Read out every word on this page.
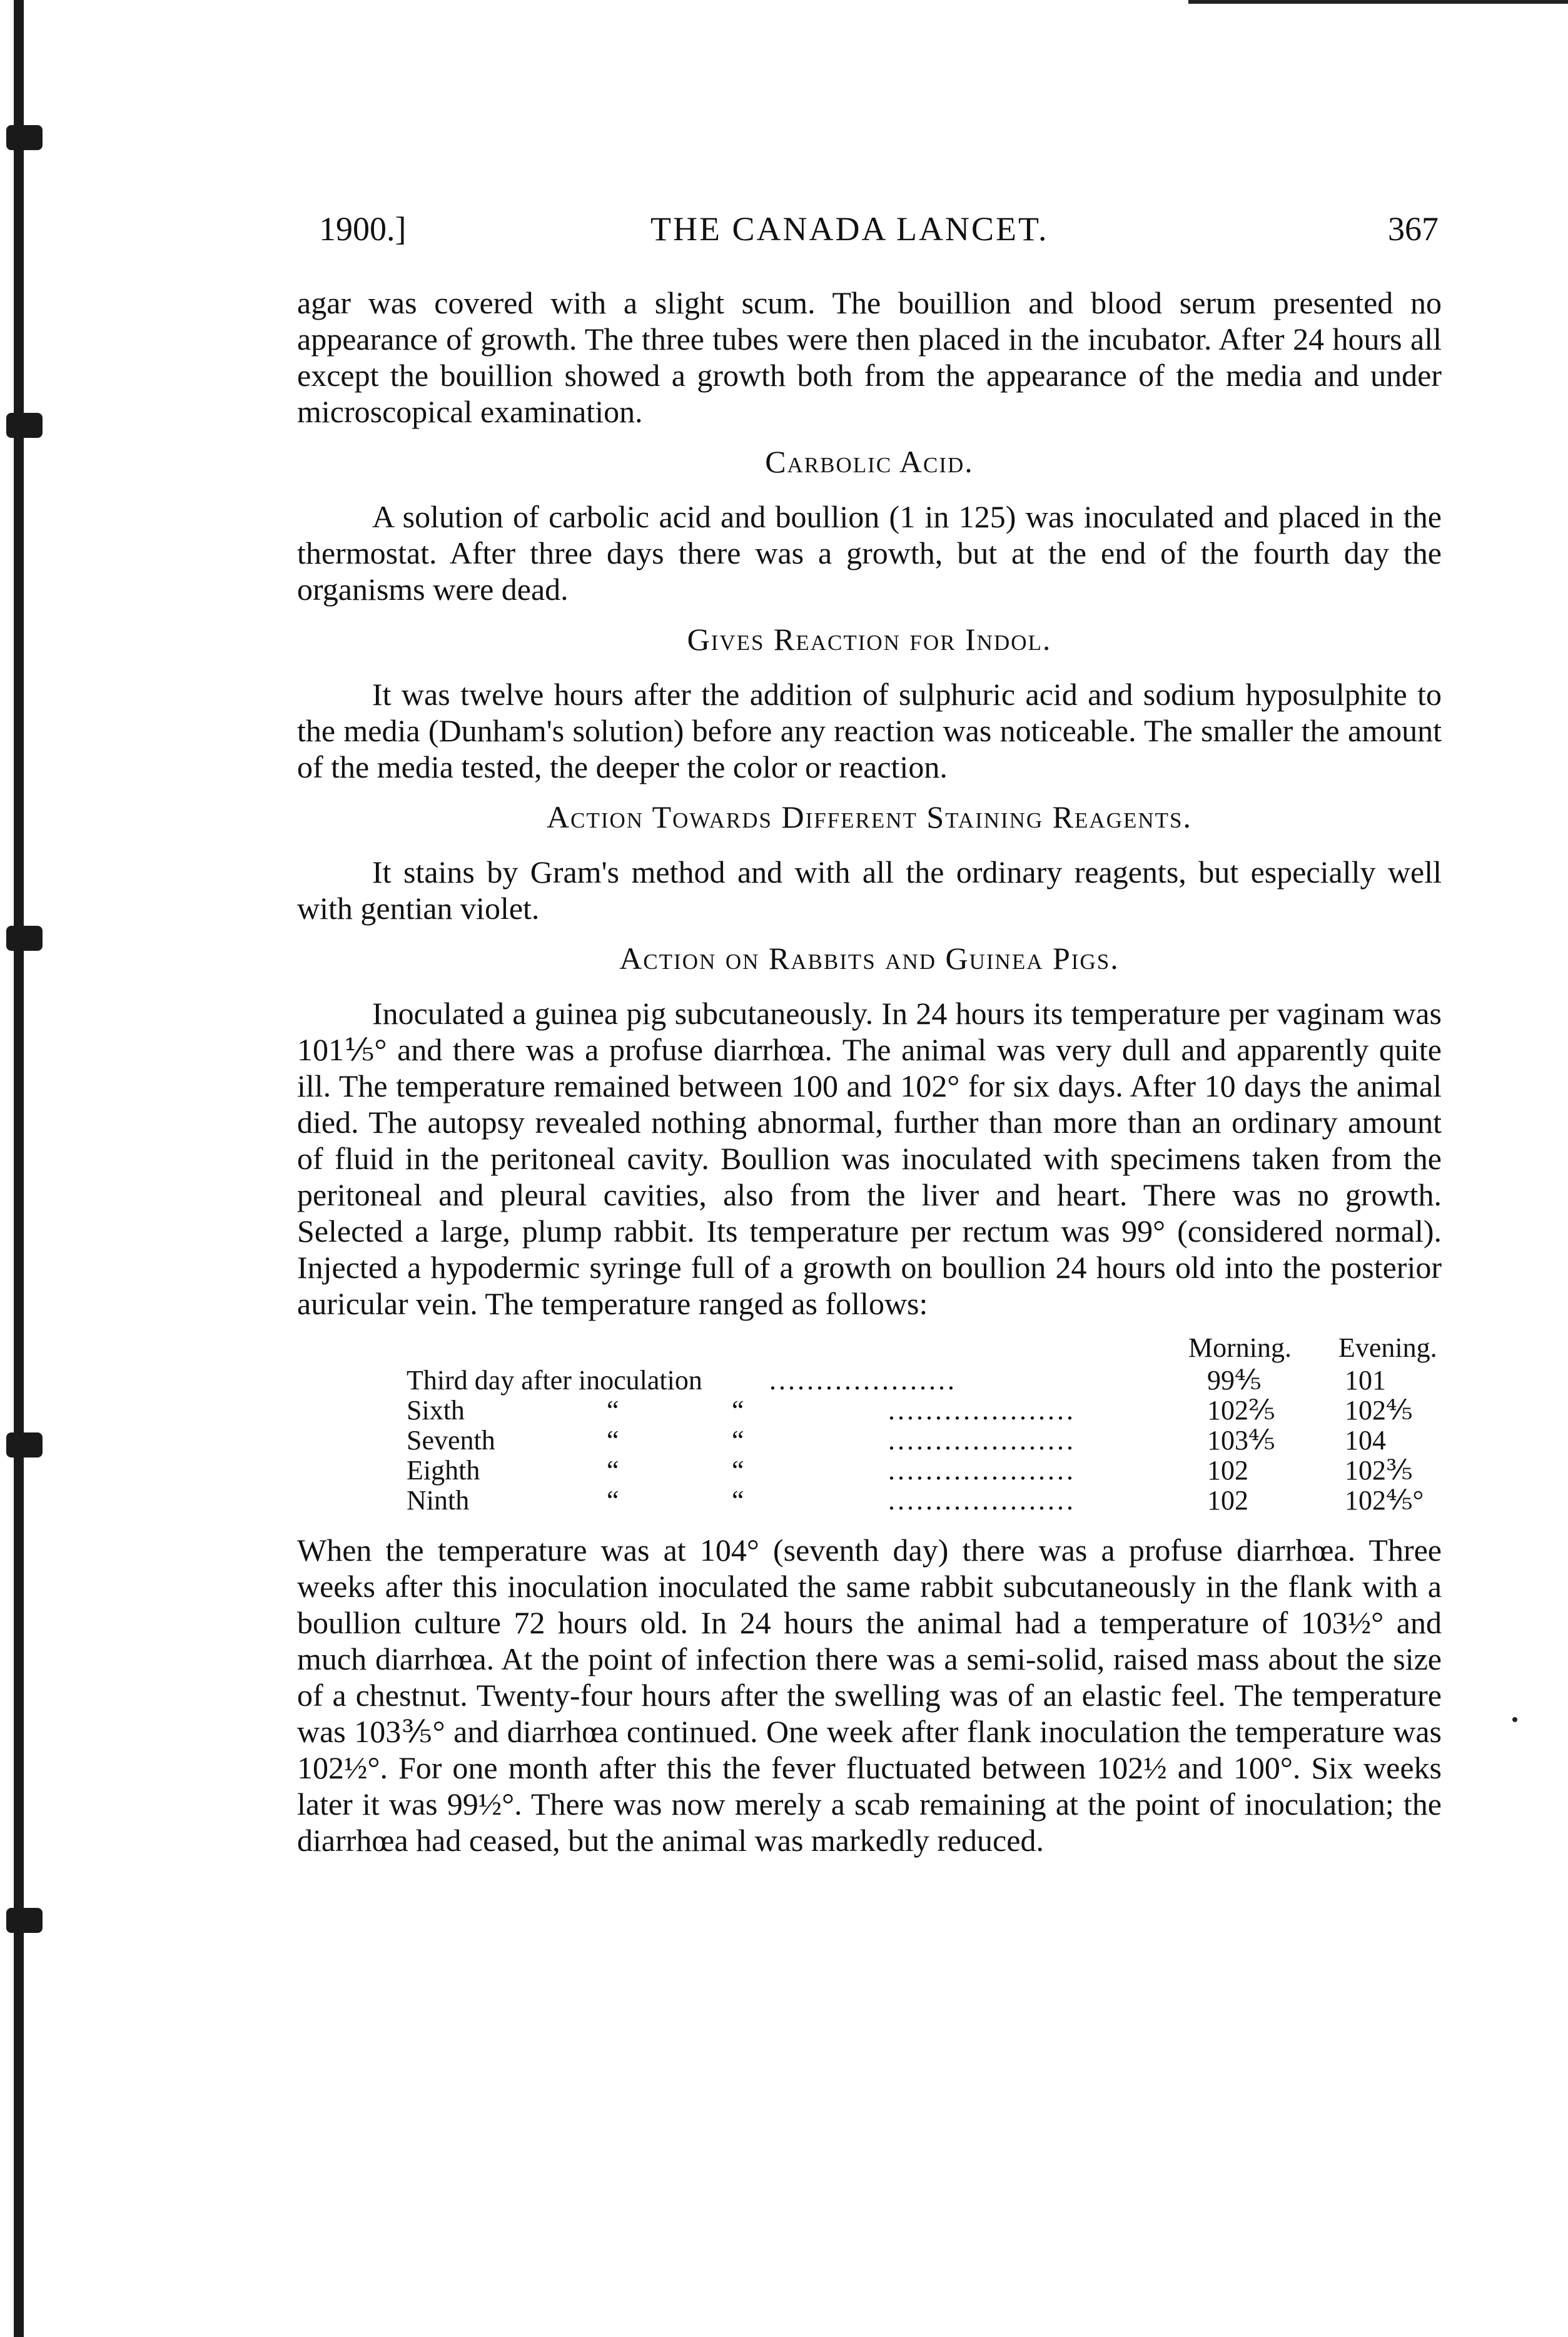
1900.]	THE CANADA LANCET.	367

agar was covered with a slight scum. The bouillion and blood serum presented no appearance of growth. The three tubes were then placed in the incubator. After 24 hours all except the bouillion showed a growth both from the appearance of the media and under microscopical examination.

Carbolic Acid.

A solution of carbolic acid and boullion (1 in 125) was inoculated and placed in the thermostat. After three days there was a growth, but at the end of the fourth day the organisms were dead.

Gives Reaction for Indol.

It was twelve hours after the addition of sulphuric acid and sodium hyposulphite to the media (Dunham's solution) before any reaction was noticeable. The smaller the amount of the media tested, the deeper the color or reaction.

Action Towards Different Staining Reagents.

It stains by Gram's method and with all the ordinary reagents, but especially well with gentian violet.

Action on Rabbits and Guinea Pigs.

Inoculated a guinea pig subcutaneously. In 24 hours its temperature per vaginam was 101⅕° and there was a profuse diarrhœa. The animal was very dull and apparently quite ill. The temperature remained between 100 and 102° for six days. After 10 days the animal died. The autopsy revealed nothing abnormal, further than more than an ordinary amount of fluid in the peritoneal cavity. Boullion was inoculated with specimens taken from the peritoneal and pleural cavities, also from the liver and heart. There was no growth. Selected a large, plump rabbit. Its temperature per rectum was 99° (considered normal). Injected a hypodermic syringe full of a growth on boullion 24 hours old into the posterior auricular vein. The temperature ranged as follows:

Morning. Evening.
Third day after inoculation ....................	99⅘	101
Sixth	“	“	....................	102⅖	102⅘
Seventh	“	“	....................	103⅘	104
Eighth	“	“	....................	102	102⅗
Ninth	“	“	....................	102	102⅘°

When the temperature was at 104° (seventh day) there was a profuse diarrhœa. Three weeks after this inoculation inoculated the same rabbit subcutaneously in the flank with a boullion culture 72 hours old. In 24 hours the animal had a temperature of 103½° and much diarrhœa. At the point of infection there was a semi-solid, raised mass about the size of a chestnut. Twenty-four hours after the swelling was of an elastic feel. The temperature was 103⅗° and diarrhœa continued. One week after flank inoculation the temperature was 102½°. For one month after this the fever fluctuated between 102½ and 100°. Six weeks later it was 99½°. There was now merely a scab remaining at the point of inoculation; the diarrhœa had ceased, but the animal was markedly reduced.
